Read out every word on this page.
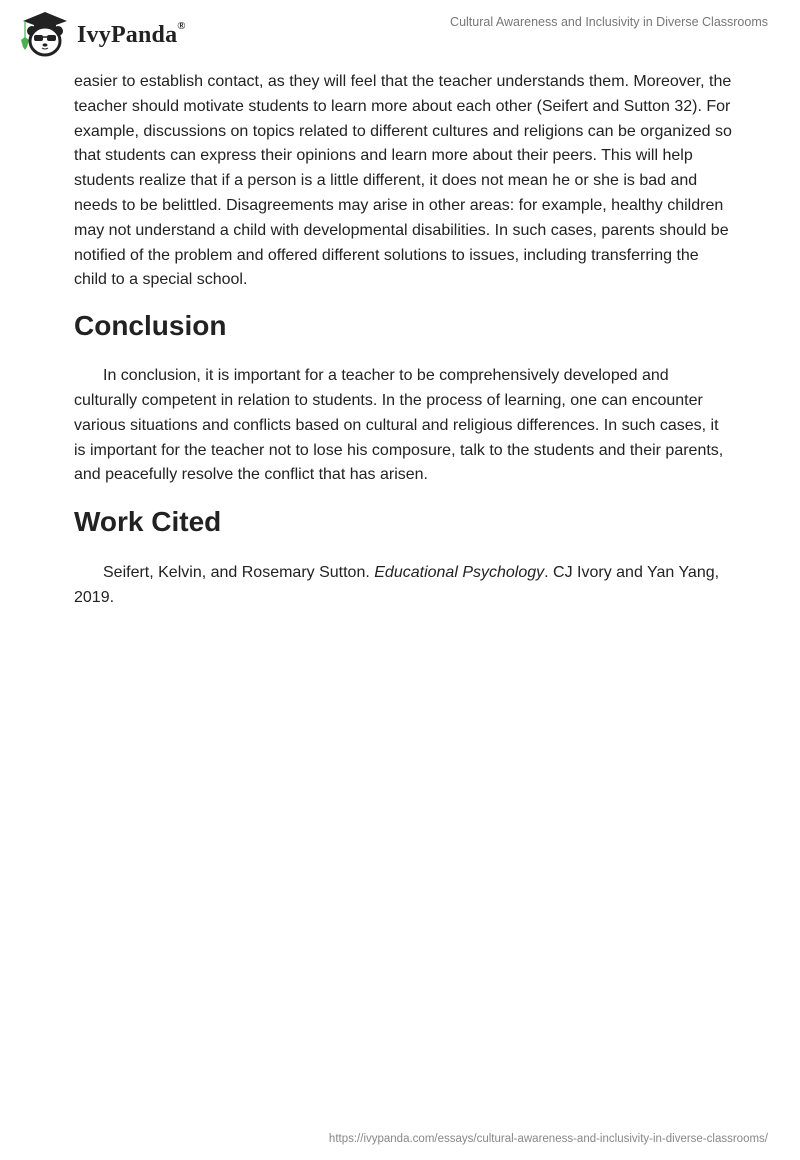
IvyPanda®	Cultural Awareness and Inclusivity in Diverse Classrooms

easier to establish contact, as they will feel that the teacher understands them. Moreover, the teacher should motivate students to learn more about each other (Seifert and Sutton 32). For example, discussions on topics related to different cultures and religions can be organized so that students can express their opinions and learn more about their peers. This will help students realize that if a person is a little different, it does not mean he or she is bad and needs to be belittled. Disagreements may arise in other areas: for example, healthy children may not understand a child with developmental disabilities. In such cases, parents should be notified of the problem and offered different solutions to issues, including transferring the child to a special school.

Conclusion

In conclusion, it is important for a teacher to be comprehensively developed and culturally competent in relation to students. In the process of learning, one can encounter various situations and conflicts based on cultural and religious differences. In such cases, it is important for the teacher not to lose his composure, talk to the students and their parents, and peacefully resolve the conflict that has arisen.

Work Cited

Seifert, Kelvin, and Rosemary Sutton. Educational Psychology. CJ Ivory and Yan Yang, 2019.

https://ivypanda.com/essays/cultural-awareness-and-inclusivity-in-diverse-classrooms/
